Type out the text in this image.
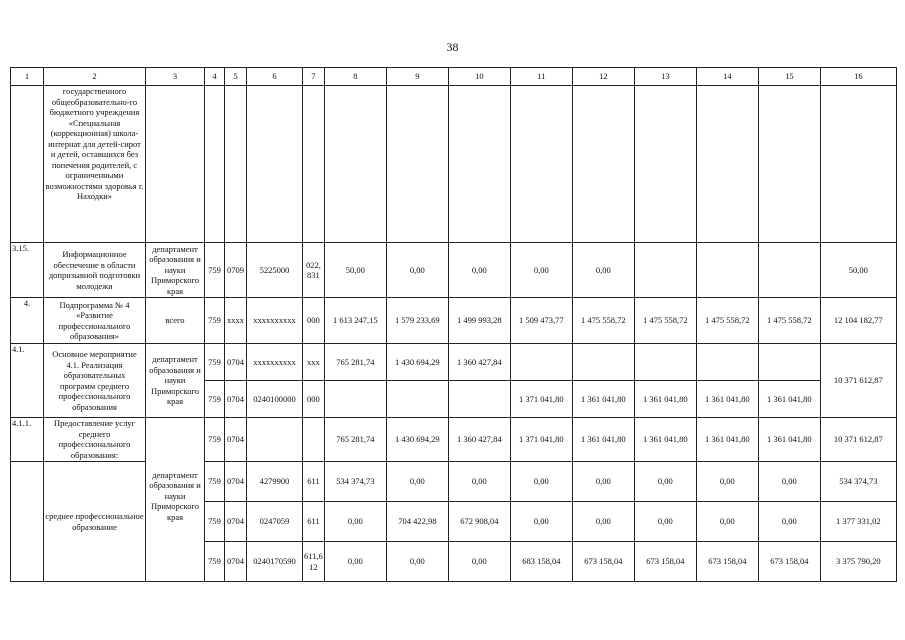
38
1	2	3	4	5	6	7	8	9	10	11	12	13	14	15	16
	государственного общеобразовательно-го бюджетного учреждения «Специальная (коррекционная) школа-интернат для детей-сирот и детей, оставшихся без попечения родителей, с ограниченными возможностями здоровья г. Находки»														
3.15.	Информационное обеспечение в области допризывной подготовки молодежи	департамент образования и науки Приморского края	759	0709	5225000	022, 831	50,00	0,00	0,00	0,00	0,00				50,00
4.	Подпрограмма № 4 «Развитие профессионального образования»	всего	759	хххх	хххххххххх	000	1 613 247,15	1 579 233,69	1 499 993,28	1 509 473,77	1 475 558,72	1 475 558,72	1 475 558,72	1 475 558,72	12 104 182,77
4.1.	Основное мероприятие 4.1. Реализация образовательных программ среднего профессионального образования	департамент образования и науки Приморского края	759	0704	хххххххххх	ххх	765 281,74	1 430 694,29	1 360 427,84						10 371 612,87
			759	0704	0240100000	000				1 371 041,80	1 361 041,80	1 361 041,80	1 361 041,80	1 361 041,80	
4.1.1.	Предоставление услуг среднего профессионального образования:		759	0704			765 281,74	1 430 694,29	1 360 427,84	1 371 041,80	1 361 041,80	1 361 041,80	1 361 041,80	1 361 041,80	10 371 612,87
	среднее профессиональное образование	департамент образования и науки Приморского края	759	0704	4279900	611	534 374,73	0,00	0,00	0,00	0,00	0,00	0,00	0,00	534 374,73
			759	0704	0247059	611	0,00	704 422,98	672 908,04	0,00	0,00	0,00	0,00	0,00	1 377 331,02
			759	0704	0240170590	611,6 12	0,00	0,00	0,00	683 158,04	673 158,04	673 158,04	673 158,04	673 158,04	3 375 790,20
